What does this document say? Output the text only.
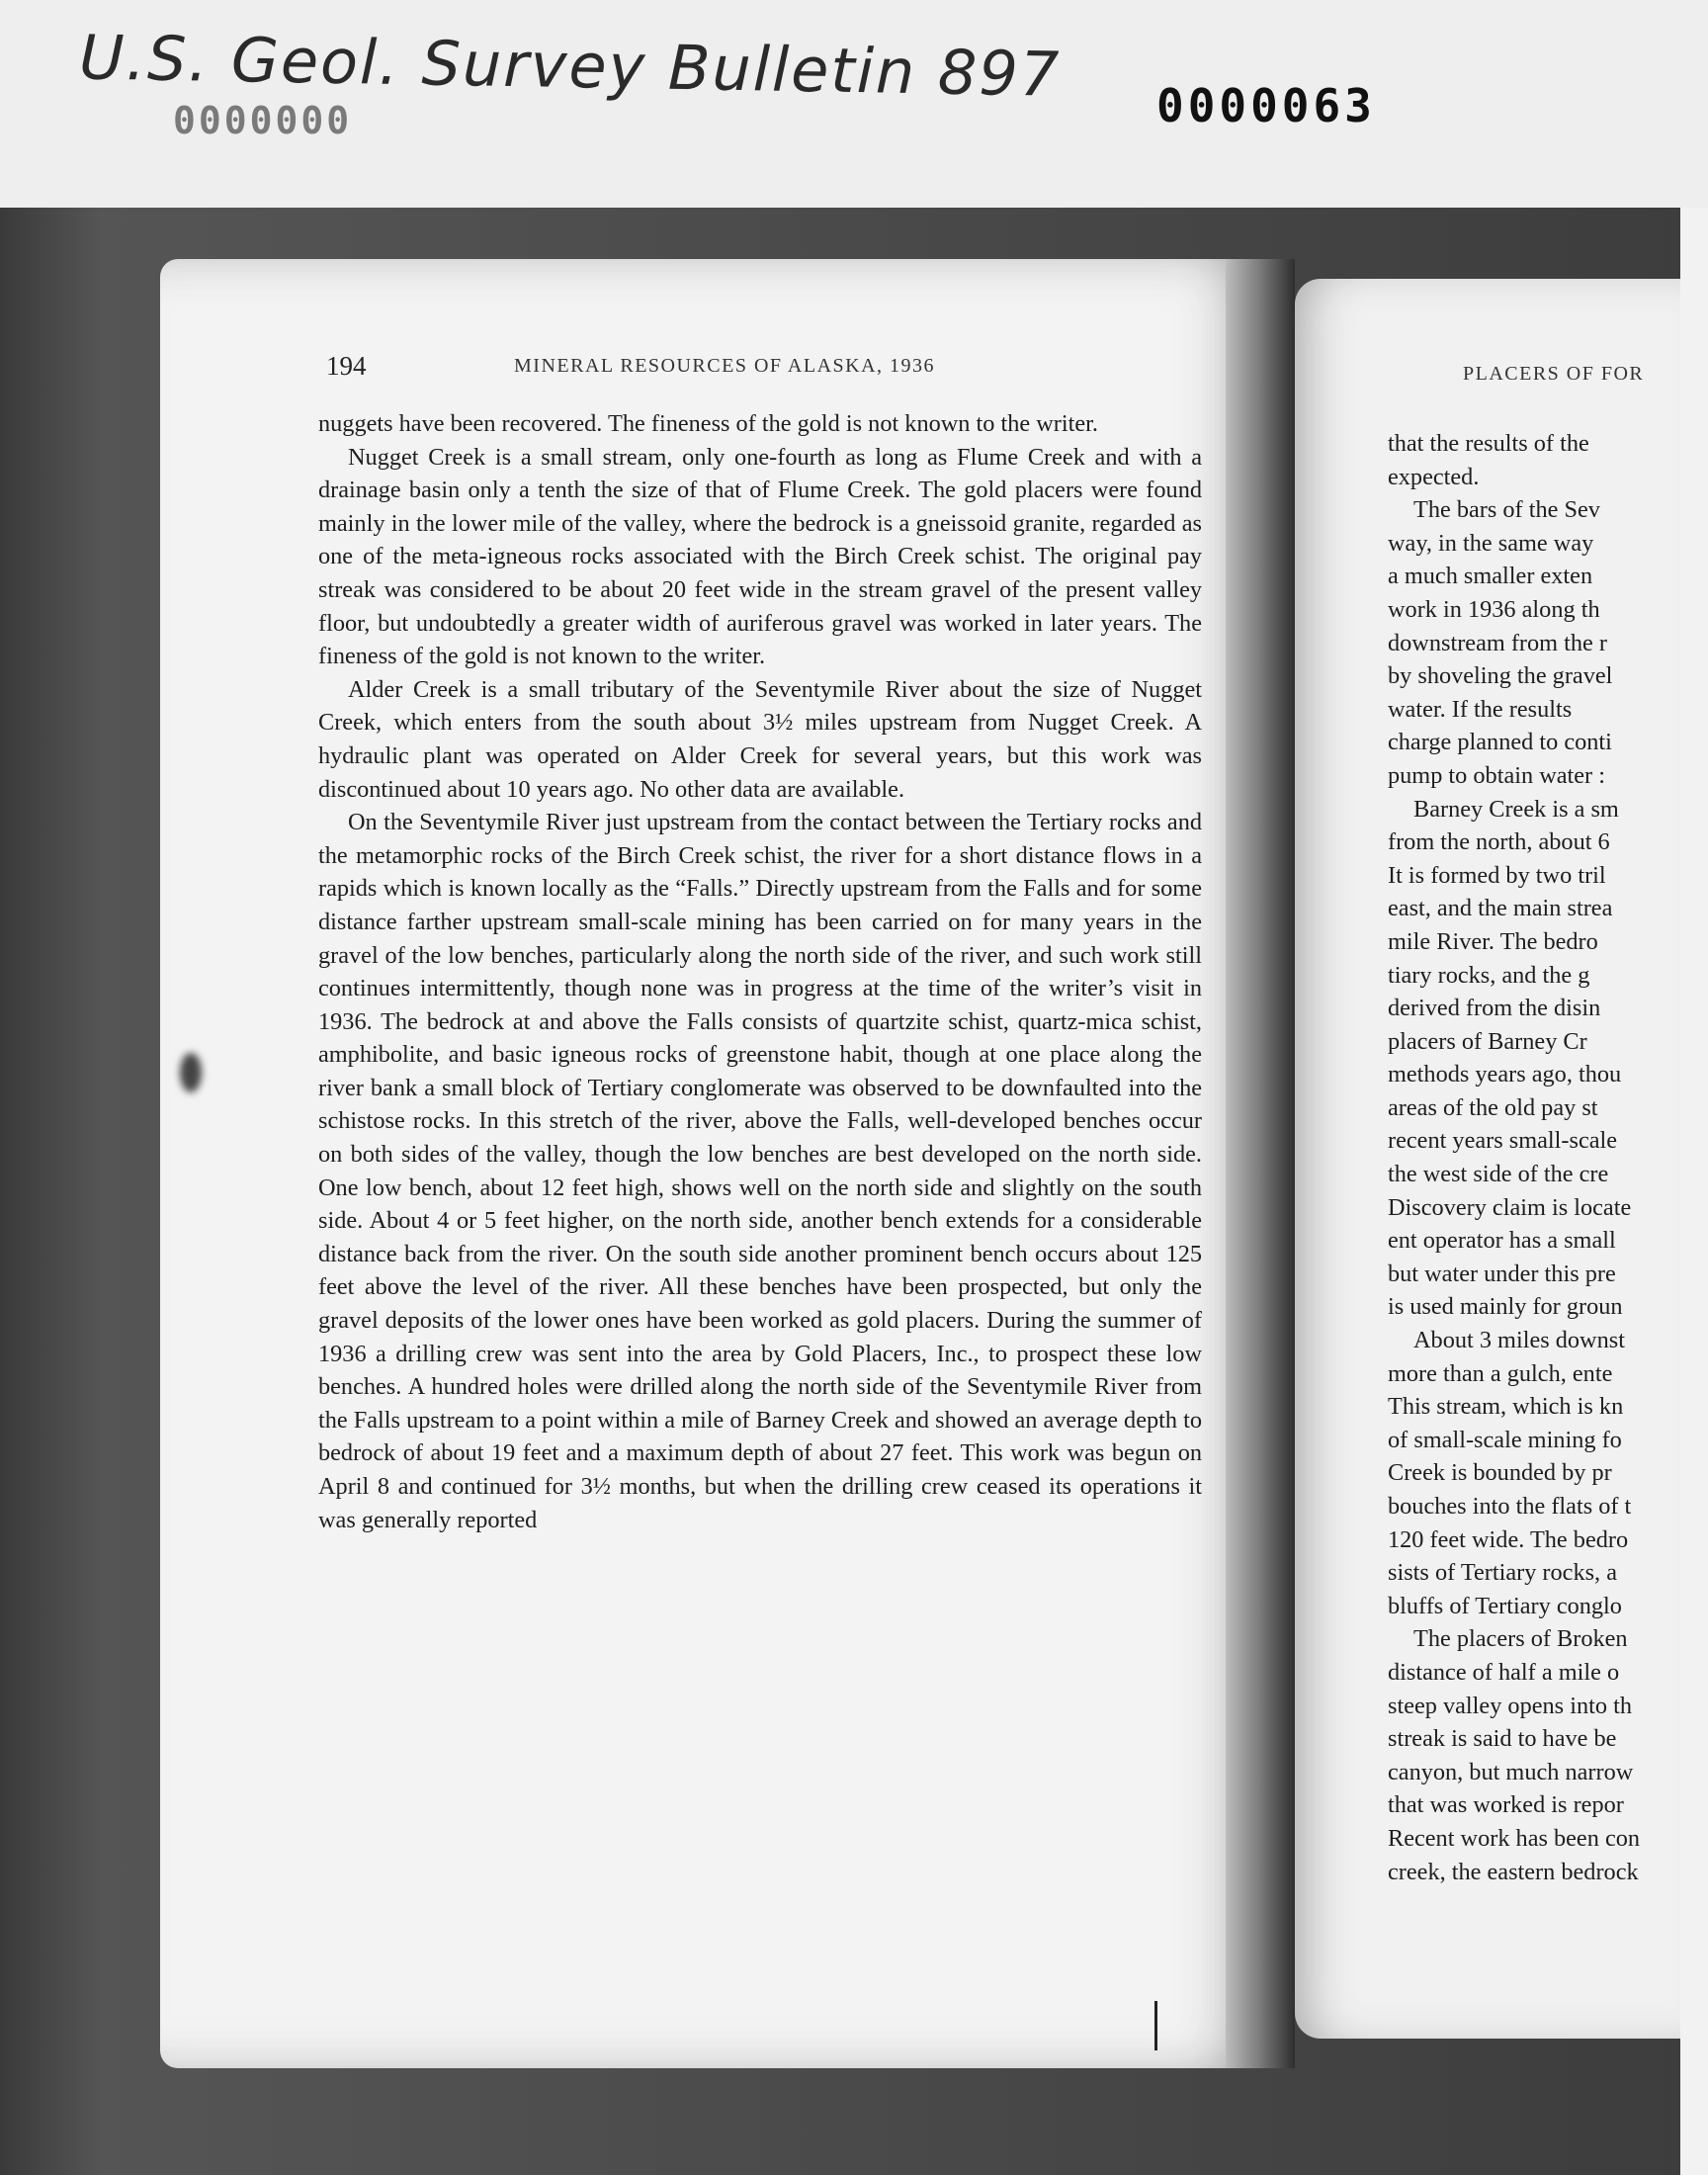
U.S. Geol. Survey Bulletin 897
0000000	0000063
194	MINERAL RESOURCES OF ALASKA, 1936

nuggets have been recovered. The fineness of the gold is not known to the writer.

Nugget Creek is a small stream, only one-fourth as long as Flume Creek and with a drainage basin only a tenth the size of that of Flume Creek. The gold placers were found mainly in the lower mile of the valley, where the bedrock is a gneissoid granite, regarded as one of the meta-igneous rocks associated with the Birch Creek schist. The original pay streak was considered to be about 20 feet wide in the stream gravel of the present valley floor, but undoubtedly a greater width of auriferous gravel was worked in later years. The fineness of the gold is not known to the writer.

Alder Creek is a small tributary of the Seventymile River about the size of Nugget Creek, which enters from the south about 3½ miles upstream from Nugget Creek. A hydraulic plant was operated on Alder Creek for several years, but this work was discontinued about 10 years ago. No other data are available.

On the Seventymile River just upstream from the contact between the Tertiary rocks and the metamorphic rocks of the Birch Creek schist, the river for a short distance flows in a rapids which is known locally as the “Falls.” Directly upstream from the Falls and for some distance farther upstream small-scale mining has been carried on for many years in the gravel of the low benches, particularly along the north side of the river, and such work still continues intermittently, though none was in progress at the time of the writer’s visit in 1936. The bedrock at and above the Falls consists of quartzite schist, quartz-mica schist, amphibolite, and basic igneous rocks of greenstone habit, though at one place along the river bank a small block of Tertiary conglomerate was observed to be downfaulted into the schistose rocks. In this stretch of the river, above the Falls, well-developed benches occur on both sides of the valley, though the low benches are best developed on the north side. One low bench, about 12 feet high, shows well on the north side and slightly on the south side. About 4 or 5 feet higher, on the north side, another bench extends for a considerable distance back from the river. On the south side another prominent bench occurs about 125 feet above the level of the river. All these benches have been prospected, but only the gravel deposits of the lower ones have been worked as gold placers. During the summer of 1936 a drilling crew was sent into the area by Gold Placers, Inc., to prospect these low benches. A hundred holes were drilled along the north side of the Seventymile River from the Falls upstream to a point within a mile of Barney Creek and showed an average depth to bedrock of about 19 feet and a maximum depth of about 27 feet. This work was begun on April 8 and continued for 3½ months, but when the drilling crew ceased its operations it was generally reported

PLACERS OF FOR
that the results of the
expected.
The bars of the Sev
way, in the same way
a much smaller exten
work in 1936 along th
downstream from the r
by shoveling the gravel
water. If the results
charge planned to conti
pump to obtain water :
Barney Creek is a sm
from the north, about 6
It is formed by two tril
east, and the main strea
mile River. The bedro
tiary rocks, and the g
derived from the disin
placers of Barney Cr
methods years ago, thou
areas of the old pay st
recent years small-scale
the west side of the cre
Discovery claim is locate
ent operator has a small
but water under this pre
is used mainly for groun
About 3 miles downst
more than a gulch, ente
This stream, which is kn
of small-scale mining fo
Creek is bounded by pr
bouches into the flats of t
120 feet wide. The bedro
sists of Tertiary rocks, a
bluffs of Tertiary conglo
The placers of Broken
distance of half a mile o
steep valley opens into th
streak is said to have be
canyon, but much narrow
that was worked is repor
Recent work has been con
creek, the eastern bedrock
